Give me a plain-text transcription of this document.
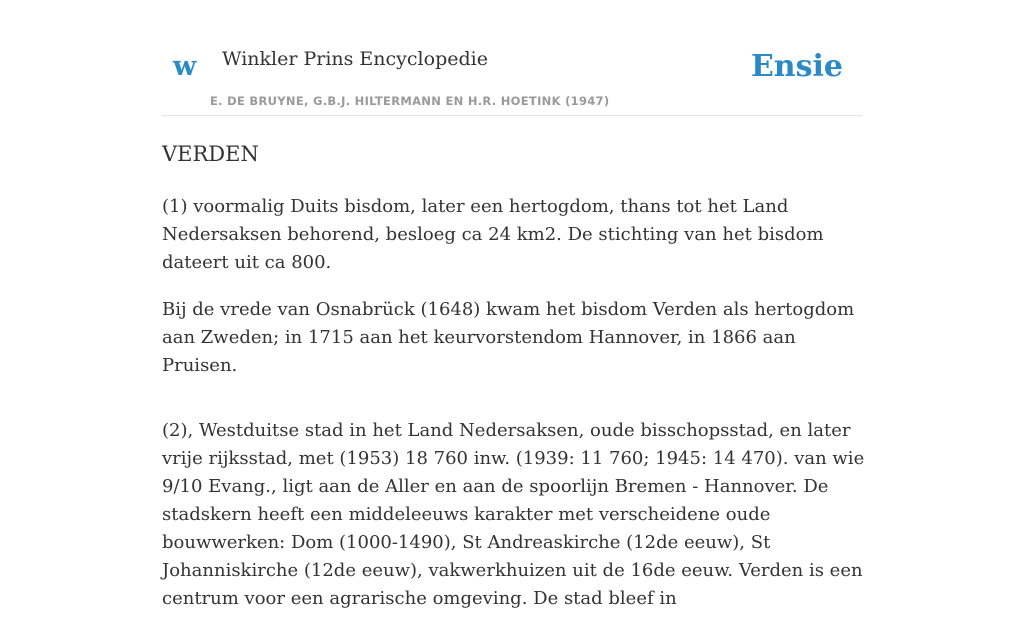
w Winkler Prins Encyclopedie
E. DE BRUYNE, G.B.J. HILTERMANN EN H.R. HOETINK (1947)
Ensie
VERDEN

(1) voormalig Duits bisdom, later een hertogdom, thans tot het Land Nedersaksen behorend, besloeg ca 24 km2. De stichting van het bisdom dateert uit ca 800.

Bij de vrede van Osnabrück (1648) kwam het bisdom Verden als hertogdom aan Zweden; in 1715 aan het keurvorstendom Hannover, in 1866 aan Pruisen.

(2), Westduitse stad in het Land Nedersaksen, oude bisschopsstad, en later vrije rijksstad, met (1953) 18 760 inw. (1939: 11 760; 1945: 14 470). van wie 9/10 Evang., ligt aan de Aller en aan de spoorlijn Bremen - Hannover. De stadskern heeft een middeleeuws karakter met verscheidene oude bouwwerken: Dom (1000-1490), St Andreaskirche (12de eeuw), St Johanniskirche (12de eeuw), vakwerkhuizen uit de 16de eeuw. Verden is een centrum voor een agrarische omgeving. De stad bleef in
